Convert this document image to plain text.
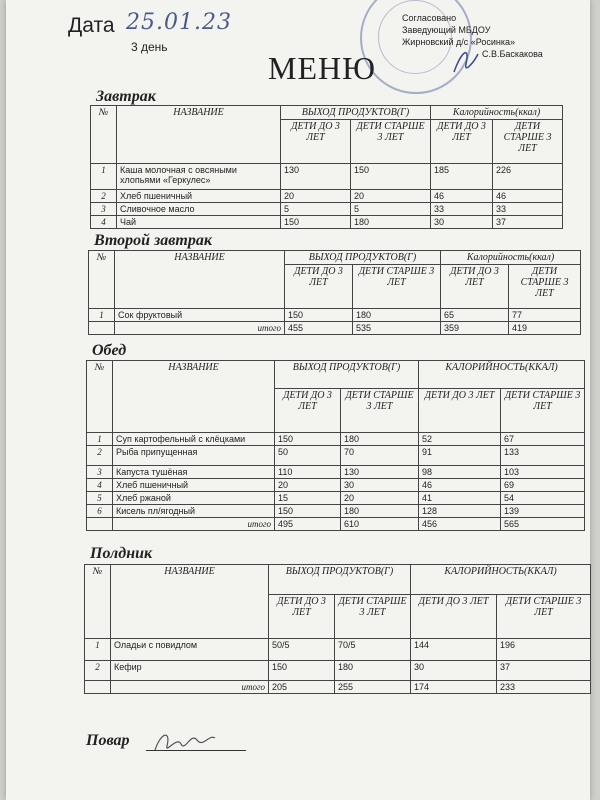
Дата 25.01.23
3 день
МЕНЮ
Согласовано
Заведующий МБДОУ
Жирновский д/с «Росинка»
С.В.Баскакова
Завтрак
№	НАЗВАНИЕ	ВЫХОД ПРОДУКТОВ(Г)		Калорийность(ккал)	
		ДЕТИ ДО 3 ЛЕТ	ДЕТИ СТАРШЕ 3 ЛЕТ	ДЕТИ ДО 3 ЛЕТ	ДЕТИ СТАРШЕ 3 ЛЕТ
1	Каша молочная с овсяными хлопьями «Геркулес»	130	150	185	226
2	Хлеб пшеничный	20	20	46	46
3	Сливочное масло	5	5	33	33
4	Чай	150	180	30	37
Второй завтрак
№	НАЗВАНИЕ	ВЫХОД ПРОДУКТОВ(Г)		Калорийность(ккал)	
		ДЕТИ ДО 3 ЛЕТ	ДЕТИ СТАРШЕ 3 ЛЕТ	ДЕТИ ДО 3 ЛЕТ	ДЕТИ СТАРШЕ 3 ЛЕТ
1	Сок фруктовый	150	180	65	77
	итого	455	535	359	419
Обед
№	НАЗВАНИЕ	ВЫХОД ПРОДУКТОВ(Г)		КАЛОРИЙНОСТЬ(ККАЛ)	
		ДЕТИ ДО 3 ЛЕТ	ДЕТИ СТАРШЕ 3 ЛЕТ	ДЕТИ ДО 3 ЛЕТ	ДЕТИ СТАРШЕ 3 ЛЕТ
1	Суп картофельный с клёцками	150	180	52	67
2	Рыба припущенная	50	70	91	133
3	Капуста тушёная	110	130	98	103
4	Хлеб пшеничный	20	30	46	69
5	Хлеб ржаной	15	20	41	54
6	Кисель пл/ягодный	150	180	128	139
	итого	495	610	456	565
Полдник
№	НАЗВАНИЕ	ВЫХОД ПРОДУКТОВ(Г)		КАЛОРИЙНОСТЬ(ККАЛ)	
		ДЕТИ ДО 3 ЛЕТ	ДЕТИ СТАРШЕ 3 ЛЕТ	ДЕТИ ДО 3 ЛЕТ	ДЕТИ СТАРШЕ 3 ЛЕТ
1	Оладьи с повидлом	50/5	70/5	144	196
2	Кефир	150	180	30	37
	итого	205	255	174	233
Повар
